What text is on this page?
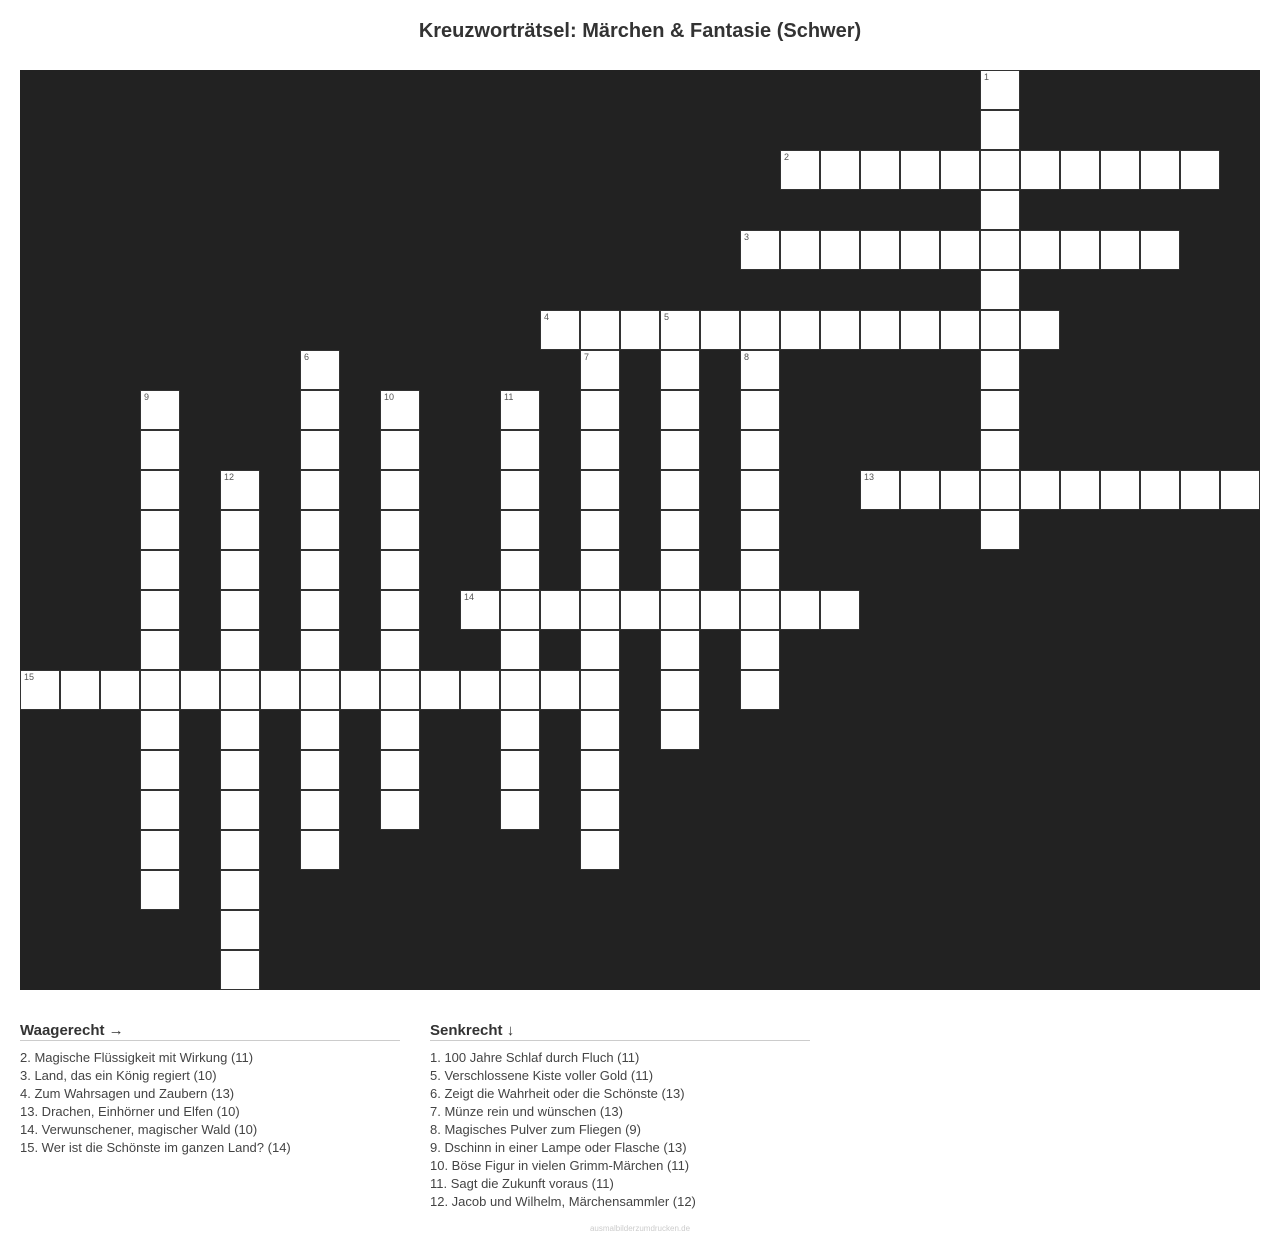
Kreuzworträtsel: Märchen & Fantasie (Schwer)
1
2
3
4	5
6	7	8
9	10	11
12	13
14
15
Waagerecht →
2. Magische Flüssigkeit mit Wirkung (11)
3. Land, das ein König regiert (10)
4. Zum Wahrsagen und Zaubern (13)
13. Drachen, Einhörner und Elfen (10)
14. Verwunschener, magischer Wald (10)
15. Wer ist die Schönste im ganzen Land? (14)
Senkrecht ↓
1. 100 Jahre Schlaf durch Fluch (11)
5. Verschlossene Kiste voller Gold (11)
6. Zeigt die Wahrheit oder die Schönste (13)
7. Münze rein und wünschen (13)
8. Magisches Pulver zum Fliegen (9)
9. Dschinn in einer Lampe oder Flasche (13)
10. Böse Figur in vielen Grimm-Märchen (11)
11. Sagt die Zukunft voraus (11)
12. Jacob und Wilhelm, Märchensammler (12)
ausmalbilderzumdrucken.de
